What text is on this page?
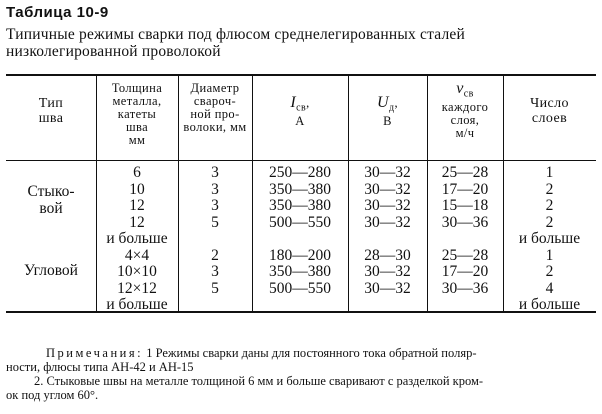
Таблица 10-9
Типичные режимы сварки под флюсом среднелегированных сталей
низколегированной проволокой
Тип
шва
Толщина
металла,
катеты
шва
мм
Диаметр
свароч-
ной про-
волоки, мм
$I_{св}$,
А
$U_д$,
В
$v_{св}$
каждого
слоя,
м/ч
Число
слоев
Стыко-
вой
Угловой
6
10
12
12
и больше
4×4
10×10
12×12
и больше
3
3
3
5
2
3
5
250—280
350—380
350—380
500—550
180—200
350—380
500—550
30—32
30—32
30—32
30—32
28—30
30—32
30—32
25—28
17—20
15—18
30—36
25—28
17—20
30—36
1
2
2
2
и больше
1
2
4
и больше
Примечания: 1 Режимы сварки даны для постоянного тока обратной поляр-
ности, флюсы типа АН-42 и АН-15
2. Стыковые швы на металле толщиной 6 мм и больше сваривают с разделкой кром-
ок под углом 60°.
